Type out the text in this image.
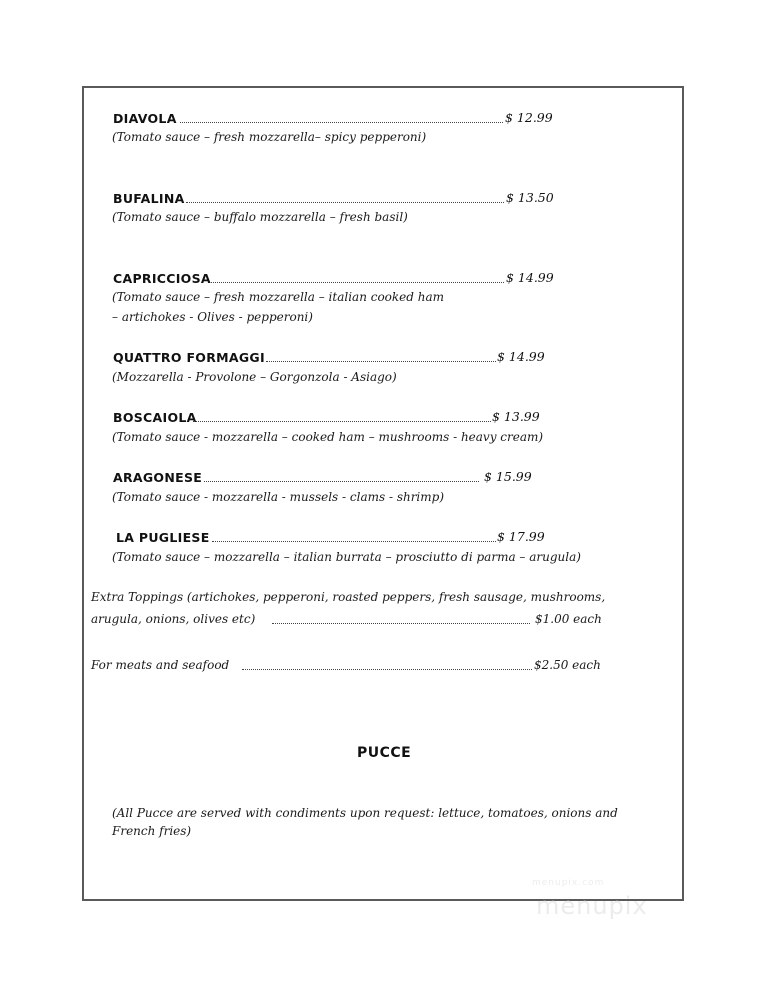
DIAVOLA	$ 12.99
(Tomato sauce – fresh mozzarella– spicy pepperoni)
BUFALINA	$ 13.50
(Tomato sauce – buffalo mozzarella – fresh basil)
CAPRICCIOSA	$ 14.99
(Tomato sauce – fresh mozzarella – italian cooked ham
– artichokes - Olives - pepperoni)
QUATTRO FORMAGGI	$ 14.99
(Mozzarella - Provolone – Gorgonzola - Asiago)
BOSCAIOLA	$ 13.99
(Tomato sauce - mozzarella – cooked ham – mushrooms - heavy cream)
ARAGONESE	$ 15.99
(Tomato sauce - mozzarella - mussels - clams - shrimp)
LA PUGLIESE	$ 17.99
(Tomato sauce – mozzarella – italian burrata – prosciutto di parma – arugula)
Extra Toppings (artichokes, pepperoni, roasted peppers, fresh sausage, mushrooms,
arugula, onions, olives etc)	$1.00 each
For meats and seafood	$2.50 each
PUCCE
(All Pucce are served with condiments upon request: lettuce, tomatoes, onions and
French fries)
menupix.com
menupix
